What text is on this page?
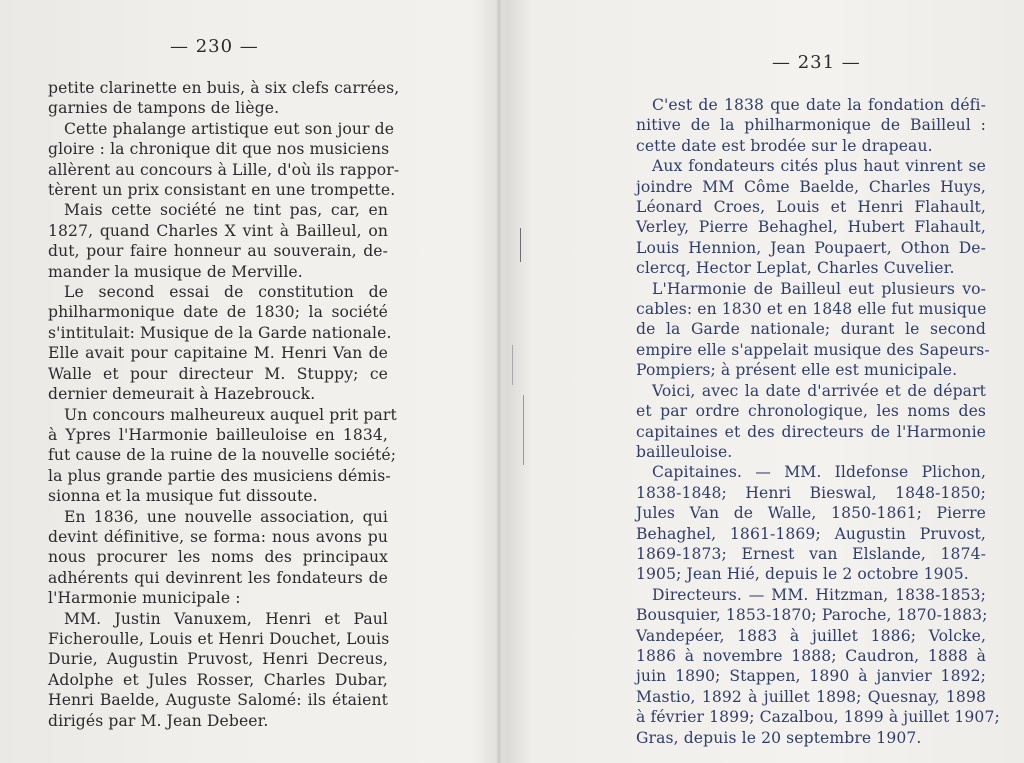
— 230 —
— 231 —
petite clarinette en buis, à six clefs carrées,
garnies de tampons de liège.
Cette phalange artistique eut son jour de
gloire : la chronique dit que nos musiciens
allèrent au concours à Lille, d'où ils rappor-
tèrent un prix consistant en une trompette.
Mais cette société ne tint pas, car, en
1827, quand Charles X vint à Bailleul, on
dut, pour faire honneur au souverain, de-
mander la musique de Merville.
Le second essai de constitution de
philharmonique date de 1830; la société
s'intitulait: Musique de la Garde nationale.
Elle avait pour capitaine M. Henri Van de
Walle et pour directeur M. Stuppy; ce
dernier demeurait à Hazebrouck.
Un concours malheureux auquel prit part
à Ypres l'Harmonie bailleuloise en 1834,
fut cause de la ruine de la nouvelle société;
la plus grande partie des musiciens démis-
sionna et la musique fut dissoute.
En 1836, une nouvelle association, qui
devint définitive, se forma: nous avons pu
nous procurer les noms des principaux
adhérents qui devinrent les fondateurs de
l'Harmonie municipale :
MM. Justin Vanuxem, Henri et Paul
Ficheroulle, Louis et Henri Douchet, Louis
Durie, Augustin Pruvost, Henri Decreus,
Adolphe et Jules Rosser, Charles Dubar,
Henri Baelde, Auguste Salomé: ils étaient
dirigés par M. Jean Debeer.
C'est de 1838 que date la fondation défi-
nitive de la philharmonique de Bailleul :
cette date est brodée sur le drapeau.
Aux fondateurs cités plus haut vinrent se
joindre MM Côme Baelde, Charles Huys,
Léonard Croes, Louis et Henri Flahault,
Verley, Pierre Behaghel, Hubert Flahault,
Louis Hennion, Jean Poupaert, Othon De-
clercq, Hector Leplat, Charles Cuvelier.
L'Harmonie de Bailleul eut plusieurs vo-
cables: en 1830 et en 1848 elle fut musique
de la Garde nationale; durant le second
empire elle s'appelait musique des Sapeurs-
Pompiers; à présent elle est municipale.
Voici, avec la date d'arrivée et de départ
et par ordre chronologique, les noms des
capitaines et des directeurs de l'Harmonie
bailleuloise.
Capitaines. — MM. Ildefonse Plichon,
1838-1848; Henri Bieswal, 1848-1850;
Jules Van de Walle, 1850-1861; Pierre
Behaghel, 1861-1869; Augustin Pruvost,
1869-1873; Ernest van Elslande, 1874-
1905; Jean Hié, depuis le 2 octobre 1905.
Directeurs. — MM. Hitzman, 1838-1853;
Bousquier, 1853-1870; Paroche, 1870-1883;
Vandepéer, 1883 à juillet 1886; Volcke,
1886 à novembre 1888; Caudron, 1888 à
juin 1890; Stappen, 1890 à janvier 1892;
Mastio, 1892 à juillet 1898; Quesnay, 1898
à février 1899; Cazalbou, 1899 à juillet 1907;
Gras, depuis le 20 septembre 1907.
